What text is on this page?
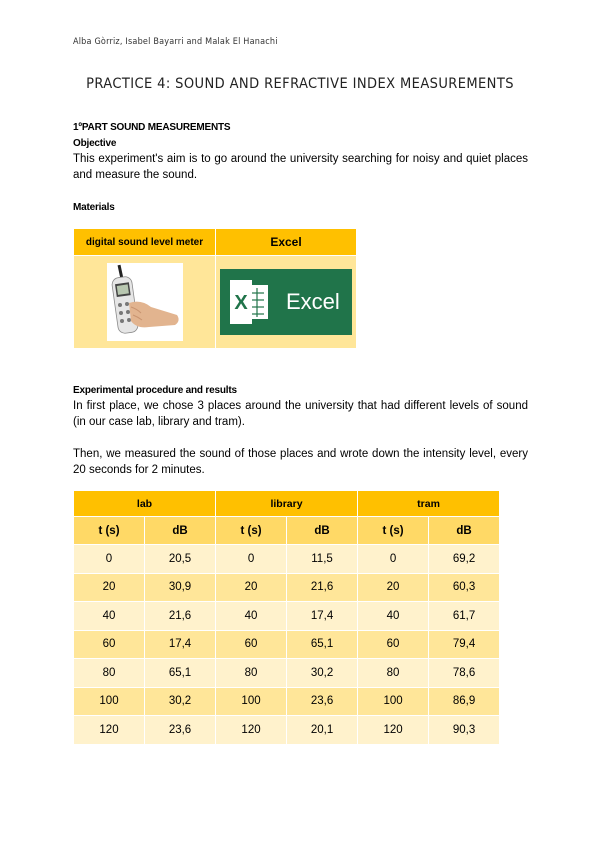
Alba Gòrriz, Isabel Bayarri and Malak El Hanachi
PRACTICE 4: SOUND AND REFRACTIVE INDEX MEASUREMENTS
1ºPART SOUND MEASUREMENTS
Objective
This experiment's aim is to go around the university searching for noisy and quiet places and measure the sound.
Materials
digital sound level meter	Excel

X Excel
Experimental procedure and results
In first place, we chose 3 places around the university that had different levels of sound (in our case lab, library and tram).
Then, we measured the sound of those places and wrote down the intensity level, every 20 seconds for 2 minutes.
lab		library		tram	
t (s)	dB	t (s)	dB	t (s)	dB
0	20,5	0	11,5	0	69,2
20	30,9	20	21,6	20	60,3
40	21,6	40	17,4	40	61,7
60	17,4	60	65,1	60	79,4
80	65,1	80	30,2	80	78,6
100	30,2	100	23,6	100	86,9
120	23,6	120	20,1	120	90,3
